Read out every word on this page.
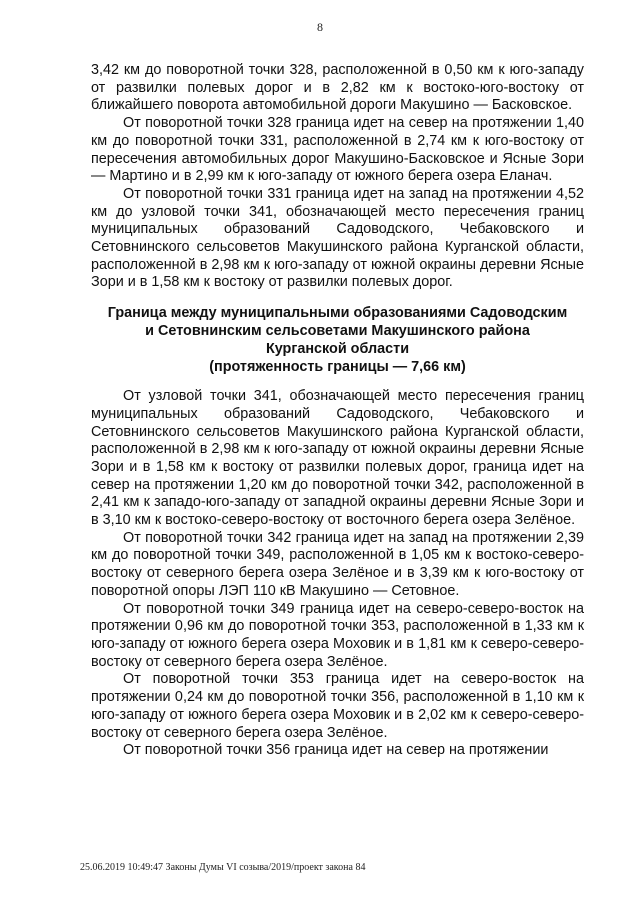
8

3,42 км до поворотной точки 328, расположенной в 0,50 км к юго-западу от развилки полевых дорог и в 2,82 км к востоко-юго-востоку от ближайшего поворота автомобильной дороги Макушино — Басковское.

От поворотной точки 328 граница идет на север на протяжении 1,40 км до поворотной точки 331, расположенной в 2,74 км к юго-востоку от пересечения автомобильных дорог Макушино-Басковское и Ясные Зори — Мартино и в 2,99 км к юго-западу от южного берега озера Еланач.

От поворотной точки 331 граница идет на запад на протяжении 4,52 км до узловой точки 341, обозначающей место пересечения границ муниципальных образований Садоводского, Чебаковского и Сетовнинского сельсоветов Макушинского района Курганской области, расположенной в 2,98 км к юго-западу от южной окраины деревни Ясные Зори и в 1,58 км к востоку от развилки полевых дорог.

Граница между муниципальными образованиями Садоводским
и Сетовнинским сельсоветами Макушинского района
Курганской области
(протяженность границы — 7,66 км)

От узловой точки 341, обозначающей место пересечения границ муниципальных образований Садоводского, Чебаковского и Сетовнинского сельсоветов Макушинского района Курганской области, расположенной в 2,98 км к юго-западу от южной окраины деревни Ясные Зори и в 1,58 км к востоку от развилки полевых дорог, граница идет на север на протяжении 1,20 км до поворотной точки 342, расположенной в 2,41 км к западо-юго-западу от западной окраины деревни Ясные Зори и в 3,10 км к востоко-северо-востоку от восточного берега озера Зелёное.

От поворотной точки 342 граница идет на запад на протяжении 2,39 км до поворотной точки 349, расположенной в 1,05 км к востоко-северо-востоку от северного берега озера Зелёное и в 3,39 км к юго-востоку от поворотной опоры ЛЭП 110 кВ Макушино — Сетовное.

От поворотной точки 349 граница идет на северо-северо-восток на протяжении 0,96 км до поворотной точки 353, расположенной в 1,33 км к юго-западу от южного берега озера Моховик и в 1,81 км к северо-северо-востоку от северного берега озера Зелёное.

От поворотной точки 353 граница идет на северо-восток на протяжении 0,24 км до поворотной точки 356, расположенной в 1,10 км к юго-западу от южного берега озера Моховик и в 2,02 км к северо-северо-востоку от северного берега озера Зелёное.

От поворотной точки 356 граница идет на север на протяжении

25.06.2019 10:49:47 Законы Думы VI созыва/2019/проект закона 84
